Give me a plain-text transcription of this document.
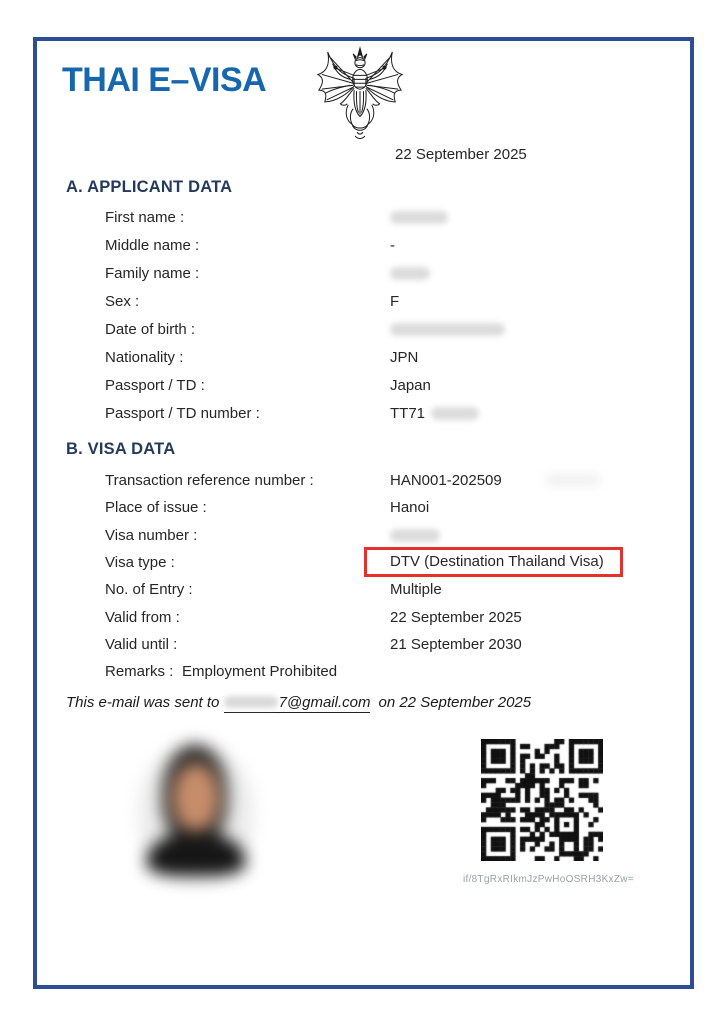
THAI E–VISA
22 September 2025
A. APPLICANT DATA
First name :
Middle name :	-
Family name :
Sex :	F
Date of birth :
Nationality :	JPN
Passport / TD :	Japan
Passport / TD number :	TT71
B. VISA DATA
Transaction reference number :	HAN001-202509
Place of issue :	Hanoi
Visa number :
Visa type :	DTV (Destination Thailand Visa)
No. of Entry :	Multiple
Valid from :	22 September 2025
Valid until :	21 September 2030
Remarks : Employment Prohibited
This e-mail was sent to	7@gmail.com on 22 September 2025
if/8TgRxRIkmJzPwHoOSRH3KxZw=
